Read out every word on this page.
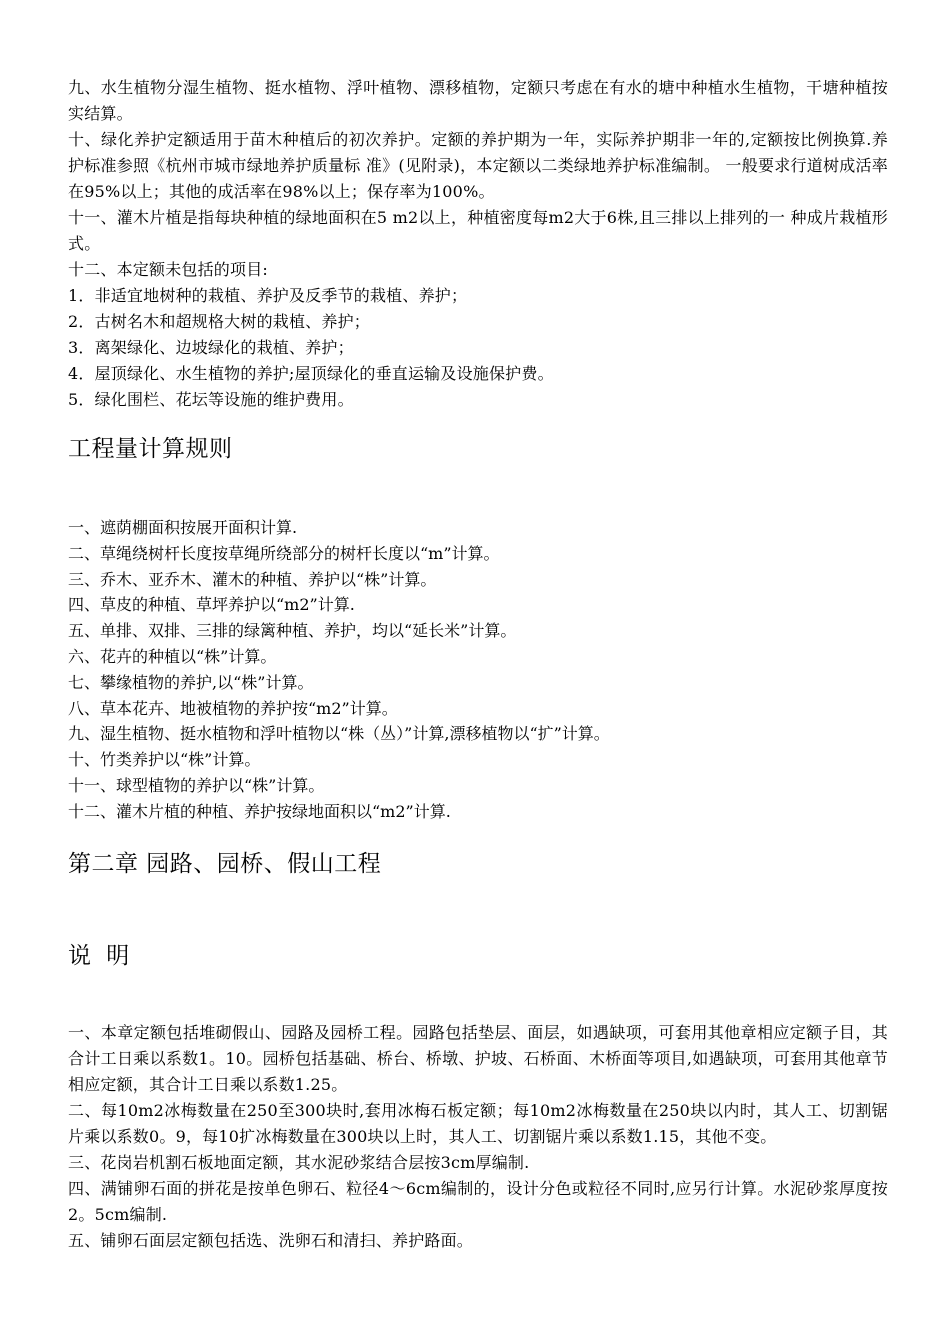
九、水生植物分湿生植物、挺水植物、浮叶植物、漂移植物，定额只考虑在有水的塘中种植水生植物，干塘种植按实结算。

十、绿化养护定额适用于苗木种植后的初次养护。定额的养护期为一年，实际养护期非一年的,定额按比例换算.养护标准参照《杭州市城市绿地养护质量标 准》(见附录)，本定额以二类绿地养护标准编制。 一般要求行道树成活率在95%以上；其他的成活率在98%以上；保存率为100%。

十一、灌木片植是指每块种植的绿地面积在5 m2以上，种植密度每m2大于6株,且三排以上排列的一 种成片栽植形式。

十二、本定额未包括的项目:

1．非适宜地树种的栽植、养护及反季节的栽植、养护；

2．古树名木和超规格大树的栽植、养护；

3．离架绿化、边坡绿化的栽植、养护；

4．屋顶绿化、水生植物的养护;屋顶绿化的垂直运输及设施保护费。

5．绿化围栏、花坛等设施的维护费用。

工程量计算规则

一、遮荫棚面积按展开面积计算.

二、草绳绕树杆长度按草绳所绕部分的树杆长度以“m”计算。

三、乔木、亚乔木、灌木的种植、养护以“株”计算。

四、草皮的种植、草坪养护以“m2”计算.

五、单排、双排、三排的绿篱种植、养护，均以“延长米”计算。

六、花卉的种植以“株”计算。

七、攀缘植物的养护,以“株”计算。

八、草本花卉、地被植物的养护按“m2”计算。

九、湿生植物、挺水植物和浮叶植物以“株（丛）”计算,漂移植物以“扩”计算。

十、竹类养护以“株”计算。

十一、球型植物的养护以“株”计算。

十二、灌木片植的种植、养护按绿地面积以“m2”计算.

第二章 园路、园桥、假山工程
说 明

一、本章定额包括堆砌假山、园路及园桥工程。园路包括垫层、面层，如遇缺项，可套用其他章相应定额子目，其合计工日乘以系数1。10。园桥包括基础、桥台、桥墩、护坡、石桥面、木桥面等项目,如遇缺项，可套用其他章节相应定额，其合计工日乘以系数1.25。

二、每10m2冰梅数量在250至300块时,套用冰梅石板定额；每10m2冰梅数量在250块以内时，其人工、切割锯片乘以系数0。9，每10扩冰梅数量在300块以上时，其人工、切割锯片乘以系数1.15，其他不变。

三、花岗岩机割石板地面定额，其水泥砂浆结合层按3cm厚编制.

四、满铺卵石面的拼花是按单色卵石、粒径4～6cm编制的，设计分色或粒径不同时,应另行计算。水泥砂浆厚度按2。5cm编制.

五、铺卵石面层定额包括选、洗卵石和清扫、养护路面。
